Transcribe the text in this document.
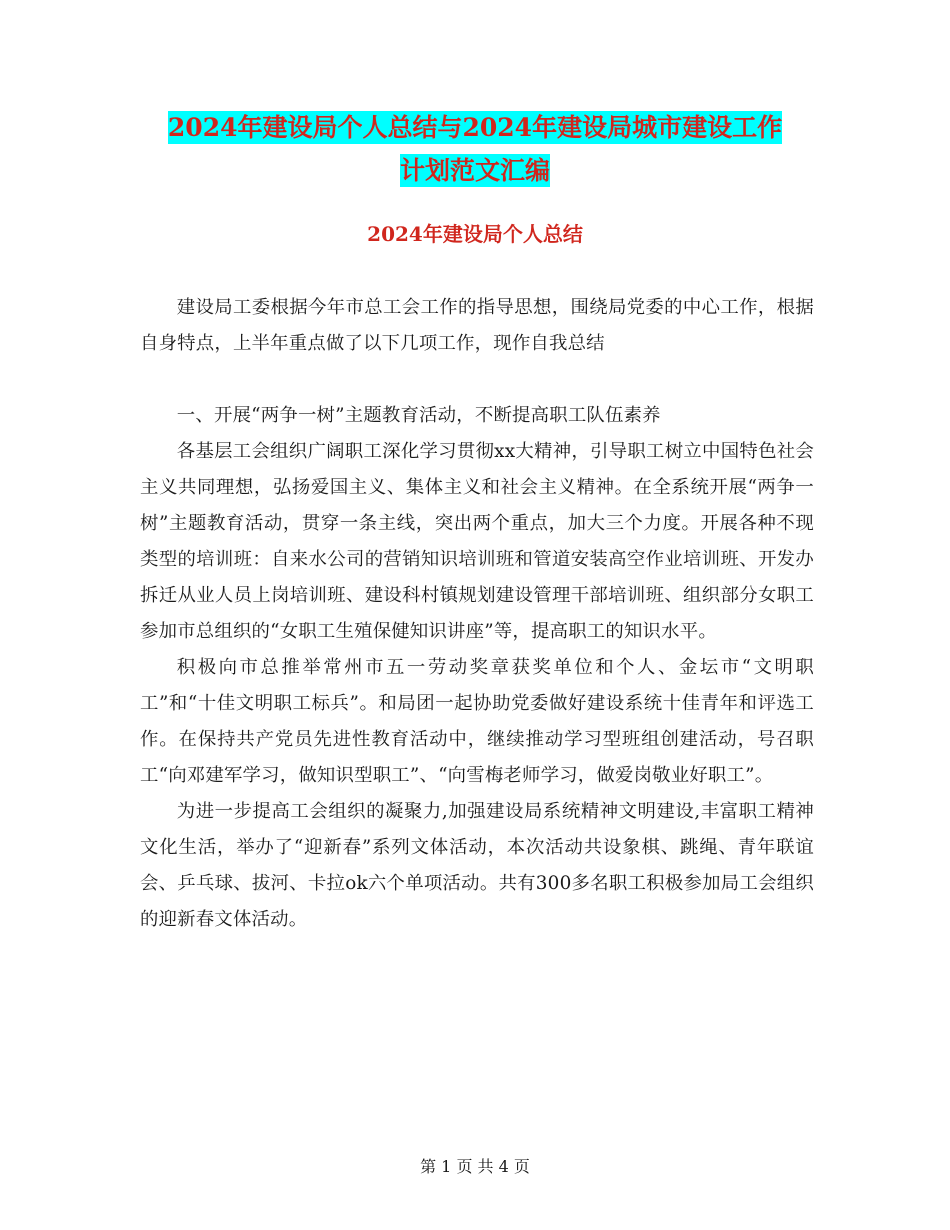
2024年建设局个人总结与2024年建设局城市建设工作
计划范文汇编
2024年建设局个人总结

建设局工委根据今年市总工会工作的指导思想，围绕局党委的中心工作，根据自身特点，上半年重点做了以下几项工作，现作自我总结

一、开展“两争一树”主题教育活动，不断提高职工队伍素养

各基层工会组织广阔职工深化学习贯彻xx大精神，引导职工树立中国特色社会主义共同理想，弘扬爱国主义、集体主义和社会主义精神。在全系统开展“两争一树”主题教育活动，贯穿一条主线，突出两个重点，加大三个力度。开展各种不现类型的培训班：自来水公司的营销知识培训班和管道安装高空作业培训班、开发办拆迁从业人员上岗培训班、建设科村镇规划建设管理干部培训班、组织部分女职工参加市总组织的“女职工生殖保健知识讲座”等，提高职工的知识水平。

积极向市总推举常州市五一劳动奖章获奖单位和个人、金坛市“文明职工”和“十佳文明职工标兵”。和局团一起协助党委做好建设系统十佳青年和评选工作。在保持共产党员先进性教育活动中，继续推动学习型班组创建活动，号召职工“向邓建军学习，做知识型职工”、“向雪梅老师学习，做爱岗敬业好职工”。

为进一步提高工会组织的凝聚力,加强建设局系统精神文明建设,丰富职工精神文化生活，举办了“迎新春”系列文体活动，本次活动共设象棋、跳绳、青年联谊会、乒乓球、拔河、卡拉ok六个单项活动。共有300多名职工积极参加局工会组织的迎新春文体活动。

第 1 页 共 4 页
